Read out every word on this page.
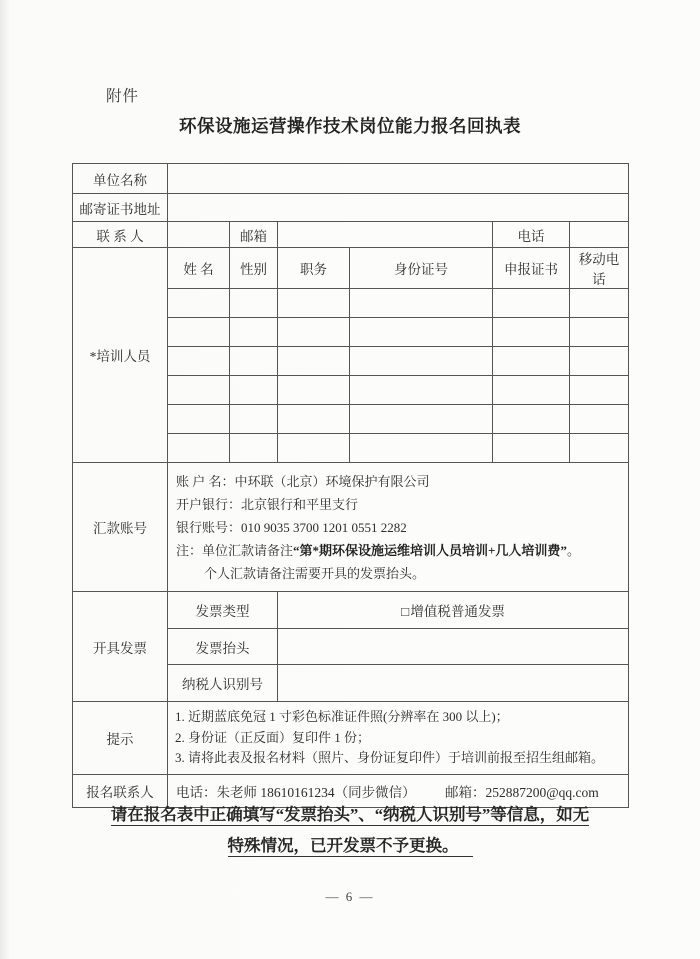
附件
环保设施运营操作技术岗位能力报名回执表
单位名称						
邮寄证书地址						
联 系 人		邮箱			电话	
*培训人员	姓 名	性别	职务	身份证号	申报证书	移动电话

汇款账号	账 户 名：中环联（北京）环境保护有限公司
开户银行：北京银行和平里支行
银行账号：010 9035 3700 1201 0551 2282
注：单位汇款请备注“第*期环保设施运维培训人员培训+几人培训费”。
个人汇款请备注需要开具的发票抬头。					

开具发票	发票类型		□增值税普通发票			
	发票抬头					
	纳税人识别号					
提示	1. 近期蓝底免冠 1 寸彩色标准证件照(分辨率在 300 以上)；
2. 身份证（正反面）复印件 1 份；
3. 请将此表及报名材料（照片、身份证复印件）于培训前报至招生组邮箱。					

报名联系人	电话：朱老师 18610161234（同步微信） 邮箱：252887200@qq.com					
请在报名表中正确填写“发票抬头”、“纳税人识别号”等信息，如无
特殊情况，已开发票不予更换。
— 6 —
